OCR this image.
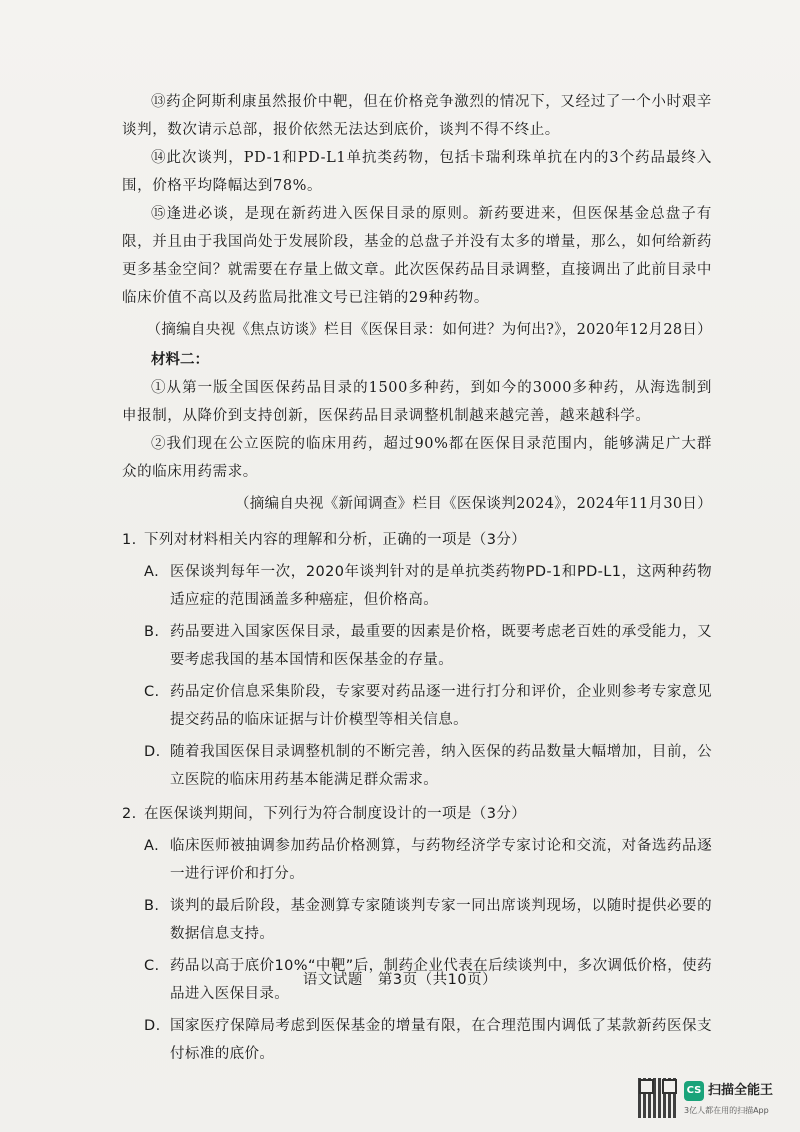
⑬药企阿斯利康虽然报价中靶，但在价格竞争激烈的情况下，又经过了一个小时艰辛谈判，数次请示总部，报价依然无法达到底价，谈判不得不终止。

⑭此次谈判，PD-1和PD-L1单抗类药物，包括卡瑞利珠单抗在内的3个药品最终入围，价格平均降幅达到78%。

⑮逢进必谈，是现在新药进入医保目录的原则。新药要进来，但医保基金总盘子有限，并且由于我国尚处于发展阶段，基金的总盘子并没有太多的增量，那么，如何给新药更多基金空间？就需要在存量上做文章。此次医保药品目录调整，直接调出了此前目录中临床价值不高以及药监局批准文号已注销的29种药物。

（摘编自央视《焦点访谈》栏目《医保目录：如何进？为何出?》，2020年12月28日）

材料二：

①从第一版全国医保药品目录的1500多种药，到如今的3000多种药，从海选制到申报制，从降价到支持创新，医保药品目录调整机制越来越完善，越来越科学。

②我们现在公立医院的临床用药，超过90%都在医保目录范围内，能够满足广大群众的临床用药需求。

（摘编自央视《新闻调查》栏目《医保谈判2024》，2024年11月30日）

1. 下列对材料相关内容的理解和分析，正确的一项是（3分）

A. 医保谈判每年一次，2020年谈判针对的是单抗类药物PD-1和PD-L1，这两种药物适应症的范围涵盖多种癌症，但价格高。

B. 药品要进入国家医保目录，最重要的因素是价格，既要考虑老百姓的承受能力，又要考虑我国的基本国情和医保基金的存量。

C. 药品定价信息采集阶段，专家要对药品逐一进行打分和评价，企业则参考专家意见提交药品的临床证据与计价模型等相关信息。

D. 随着我国医保目录调整机制的不断完善，纳入医保的药品数量大幅增加，目前，公立医院的临床用药基本能满足群众需求。

2. 在医保谈判期间，下列行为符合制度设计的一项是（3分）

A. 临床医师被抽调参加药品价格测算，与药物经济学专家讨论和交流，对备选药品逐一进行评价和打分。

B. 谈判的最后阶段，基金测算专家随谈判专家一同出席谈判现场，以随时提供必要的数据信息支持。

C. 药品以高于底价10%“中靶”后，制药企业代表在后续谈判中，多次调低价格，使药品进入医保目录。

D. 国家医疗保障局考虑到医保基金的增量有限，在合理范围内调低了某款新药医保支付标准的底价。

语文试题　第3页（共10页）
CS 扫描全能王
3亿人都在用的扫描App
